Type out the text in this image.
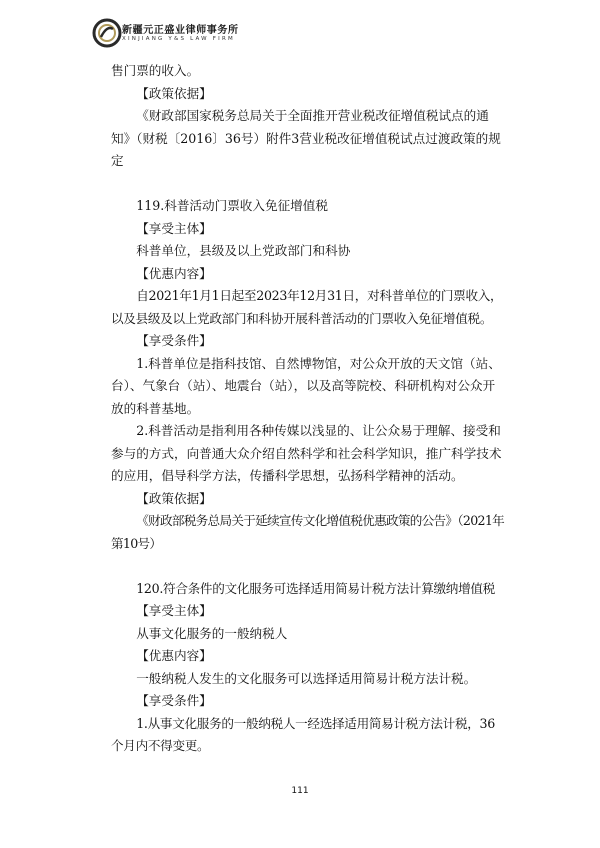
新疆元正盛业律师事务所
XINJIANG Y&S LAW FIRM

售门票的收入。

【政策依据】

《财政部国家税务总局关于全面推开营业税改征增值税试点的通知》（财税〔2016〕36号）附件3营业税改征增值税试点过渡政策的规定

119.科普活动门票收入免征增值税

【享受主体】

科普单位，县级及以上党政部门和科协

【优惠内容】

自2021年1月1日起至2023年12月31日，对科普单位的门票收入，以及县级及以上党政部门和科协开展科普活动的门票收入免征增值税。

【享受条件】

1.科普单位是指科技馆、自然博物馆，对公众开放的天文馆（站、台）、气象台（站）、地震台（站），以及高等院校、科研机构对公众开放的科普基地。

2.科普活动是指利用各种传媒以浅显的、让公众易于理解、接受和参与的方式，向普通大众介绍自然科学和社会科学知识，推广科学技术的应用，倡导科学方法，传播科学思想，弘扬科学精神的活动。

【政策依据】

《财政部税务总局关于延续宣传文化增值税优惠政策的公告》（2021年第10号）

120.符合条件的文化服务可选择适用简易计税方法计算缴纳增值税

【享受主体】

从事文化服务的一般纳税人

【优惠内容】

一般纳税人发生的文化服务可以选择适用简易计税方法计税。

【享受条件】

1.从事文化服务的一般纳税人一经选择适用简易计税方法计税，36个月内不得变更。

111
